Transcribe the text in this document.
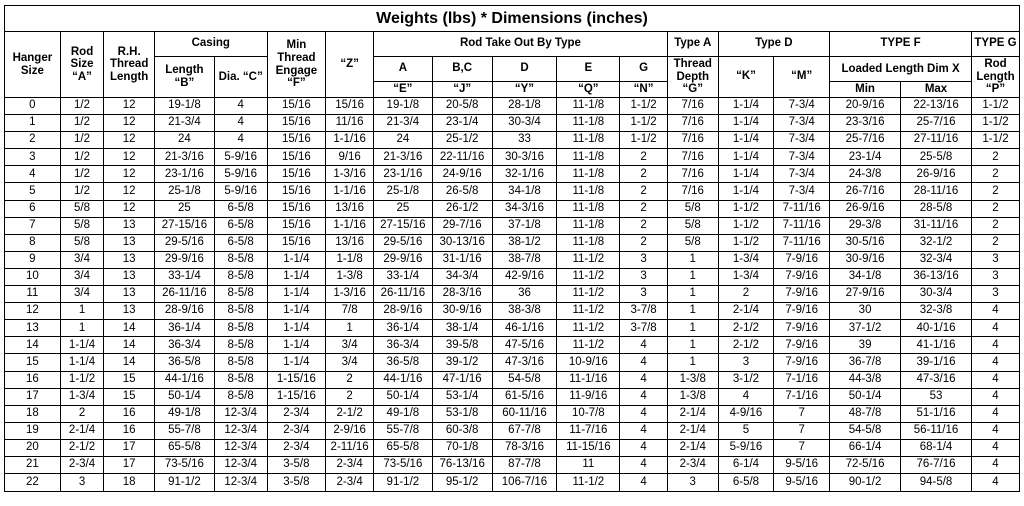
Weights (lbs) * Dimensions (inches)																	
Hanger Size	Rod Size “A”	R.H. Thread Length	Casing		Min Thread Engage “F”	“Z”	Rod Take Out By Type					Type A	Type D		TYPE F		TYPE G
			Length “B”	Dia. “C”			A	B,C	D	E	G	Thread Depth “G”	“K”	“M”	Loaded Length Dim X		Rod Length “P”
							“E”	“J”	“Y”	“Q”	“N”				Min	Max	
0	1/2	12	19-1/8	4	15/16	15/16	19-1/8	20-5/8	28-1/8	11-1/8	1-1/2	7/16	1-1/4	7-3/4	20-9/16	22-13/16	1-1/2
1	1/2	12	21-3/4	4	15/16	11/16	21-3/4	23-1/4	30-3/4	11-1/8	1-1/2	7/16	1-1/4	7-3/4	23-3/16	25-7/16	1-1/2
2	1/2	12	24	4	15/16	1-1/16	24	25-1/2	33	11-1/8	1-1/2	7/16	1-1/4	7-3/4	25-7/16	27-11/16	1-1/2
3	1/2	12	21-3/16	5-9/16	15/16	9/16	21-3/16	22-11/16	30-3/16	11-1/8	2	7/16	1-1/4	7-3/4	23-1/4	25-5/8	2
4	1/2	12	23-1/16	5-9/16	15/16	1-3/16	23-1/16	24-9/16	32-1/16	11-1/8	2	7/16	1-1/4	7-3/4	24-3/8	26-9/16	2
5	1/2	12	25-1/8	5-9/16	15/16	1-1/16	25-1/8	26-5/8	34-1/8	11-1/8	2	7/16	1-1/4	7-3/4	26-7/16	28-11/16	2
6	5/8	12	25	6-5/8	15/16	13/16	25	26-1/2	34-3/16	11-1/8	2	5/8	1-1/2	7-11/16	26-9/16	28-5/8	2
7	5/8	13	27-15/16	6-5/8	15/16	1-1/16	27-15/16	29-7/16	37-1/8	11-1/8	2	5/8	1-1/2	7-11/16	29-3/8	31-11/16	2
8	5/8	13	29-5/16	6-5/8	15/16	13/16	29-5/16	30-13/16	38-1/2	11-1/8	2	5/8	1-1/2	7-11/16	30-5/16	32-1/2	2
9	3/4	13	29-9/16	8-5/8	1-1/4	1-1/8	29-9/16	31-1/16	38-7/8	11-1/2	3	1	1-3/4	7-9/16	30-9/16	32-3/4	3
10	3/4	13	33-1/4	8-5/8	1-1/4	1-3/8	33-1/4	34-3/4	42-9/16	11-1/2	3	1	1-3/4	7-9/16	34-1/8	36-13/16	3
11	3/4	13	26-11/16	8-5/8	1-1/4	1-3/16	26-11/16	28-3/16	36	11-1/2	3	1	2	7-9/16	27-9/16	30-3/4	3
12	1	13	28-9/16	8-5/8	1-1/4	7/8	28-9/16	30-9/16	38-3/8	11-1/2	3-7/8	1	2-1/4	7-9/16	30	32-3/8	4
13	1	14	36-1/4	8-5/8	1-1/4	1	36-1/4	38-1/4	46-1/16	11-1/2	3-7/8	1	2-1/2	7-9/16	37-1/2	40-1/16	4
14	1-1/4	14	36-3/4	8-5/8	1-1/4	3/4	36-3/4	39-5/8	47-5/16	11-1/2	4	1	2-1/2	7-9/16	39	41-1/16	4
15	1-1/4	14	36-5/8	8-5/8	1-1/4	3/4	36-5/8	39-1/2	47-3/16	10-9/16	4	1	3	7-9/16	36-7/8	39-1/16	4
16	1-1/2	15	44-1/16	8-5/8	1-15/16	2	44-1/16	47-1/16	54-5/8	11-1/16	4	1-3/8	3-1/2	7-1/16	44-3/8	47-3/16	4
17	1-3/4	15	50-1/4	8-5/8	1-15/16	2	50-1/4	53-1/4	61-5/16	11-9/16	4	1-3/8	4	7-1/16	50-1/4	53	4
18	2	16	49-1/8	12-3/4	2-3/4	2-1/2	49-1/8	53-1/8	60-11/16	10-7/8	4	2-1/4	4-9/16	7	48-7/8	51-1/16	4
19	2-1/4	16	55-7/8	12-3/4	2-3/4	2-9/16	55-7/8	60-3/8	67-7/8	11-7/16	4	2-1/4	5	7	54-5/8	56-11/16	4
20	2-1/2	17	65-5/8	12-3/4	2-3/4	2-11/16	65-5/8	70-1/8	78-3/16	11-15/16	4	2-1/4	5-9/16	7	66-1/4	68-1/4	4
21	2-3/4	17	73-5/16	12-3/4	3-5/8	2-3/4	73-5/16	76-13/16	87-7/8	11	4	2-3/4	6-1/4	9-5/16	72-5/16	76-7/16	4
22	3	18	91-1/2	12-3/4	3-5/8	2-3/4	91-1/2	95-1/2	106-7/16	11-1/2	4	3	6-5/8	9-5/16	90-1/2	94-5/8	4
